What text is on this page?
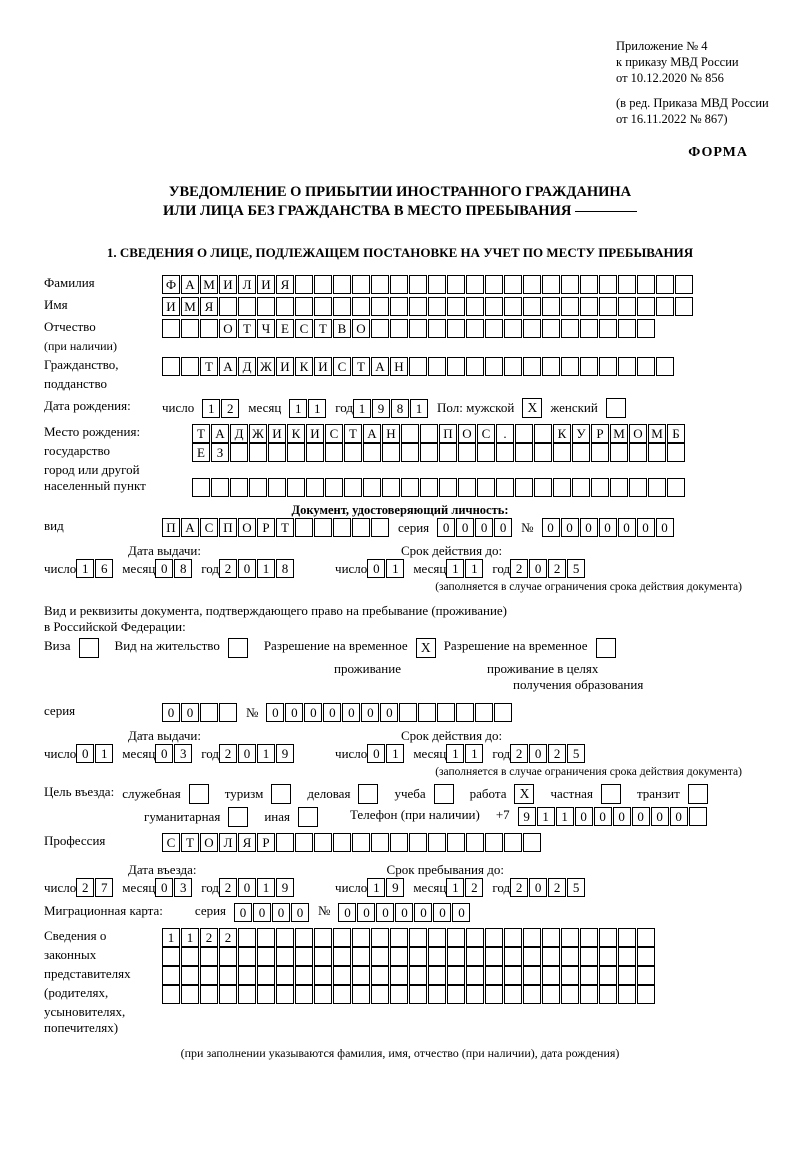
Приложение № 4
к приказу МВД России
от 10.12.2020 № 856
(в ред. Приказа МВД России
от 16.11.2022 № 867)
ФОРМА
УВЕДОМЛЕНИЕ О ПРИБЫТИИ ИНОСТРАННОГО ГРАЖДАНИНА
ИЛИ ЛИЦА БЕЗ ГРАЖДАНСТВА В МЕСТО ПРЕБЫВАНИЯ
1. СВЕДЕНИЯ О ЛИЦЕ, ПОДЛЕЖАЩЕМ ПОСТАНОВКЕ НА УЧЕТ ПО МЕСТУ ПРЕБЫВАНИЯ
Фамилия	Ф А М И Л И Я
Имя	И М Я
Отчество	О Т Ч Е С Т В О
(при наличии)
Гражданство,	Т А Д Ж И К И С Т А Н
подданство
Дата рождения:	число	1 2	месяц	1 1	год 1 9 8 1	Пол: мужской Х	женский
Место рождения:	Т А Д Ж И К И С Т А Н	П О С	.	К У Р М О М Б
государство	Е З
город или другой
населенный пункт
Документ, удостоверяющий личность:
вид	П А С П О Р Т	серия	0 0 0 0	№	0 0 0 0 0 0 0
Дата выдачи:	Срок действия до:
число 1 6	месяц 0 8	год 2 0 1 8	число 0 1	месяц 1 1	год 2 0 2 5
(заполняется в случае ограничения срока действия документа)
Вид и реквизиты документа, подтверждающего право на пребывание (проживание)
в Российской Федерации:
Виза	Вид на жительство	Разрешение на временное Х	Разрешение на временное
проживание	проживание в целях
получения образования
серия	0 0	№	0 0 0 0 0 0 0
Дата выдачи:	Срок действия до:
число 0 1	месяц 0 3	год 2 0 1 9	число 0 1	месяц 1 1	год 2 0 2 5
(заполняется в случае ограничения срока действия документа)
Цель въезда: служебная	туризм	деловая	учеба	работа Х	частная	транзит
гуманитарная	иная	Телефон (при наличии) +7	9 1 1 0 0 0 0 0 0
Профессия	С Т О Л Я Р
Дата въезда:	Срок пребывания до:
число 2 7	месяц 0 3	год 2 0 1 9	число 1 9	месяц 1 2	год 2 0 2 5
Миграционная карта: серия	0 0 0 0	№	0 0 0 0 0 0 0
Сведения о	1 1 2 2
законных
представителях
(родителях,
усыновителях,
попечителях)
(при заполнении указываются фамилия, имя, отчество (при наличии), дата рождения)
